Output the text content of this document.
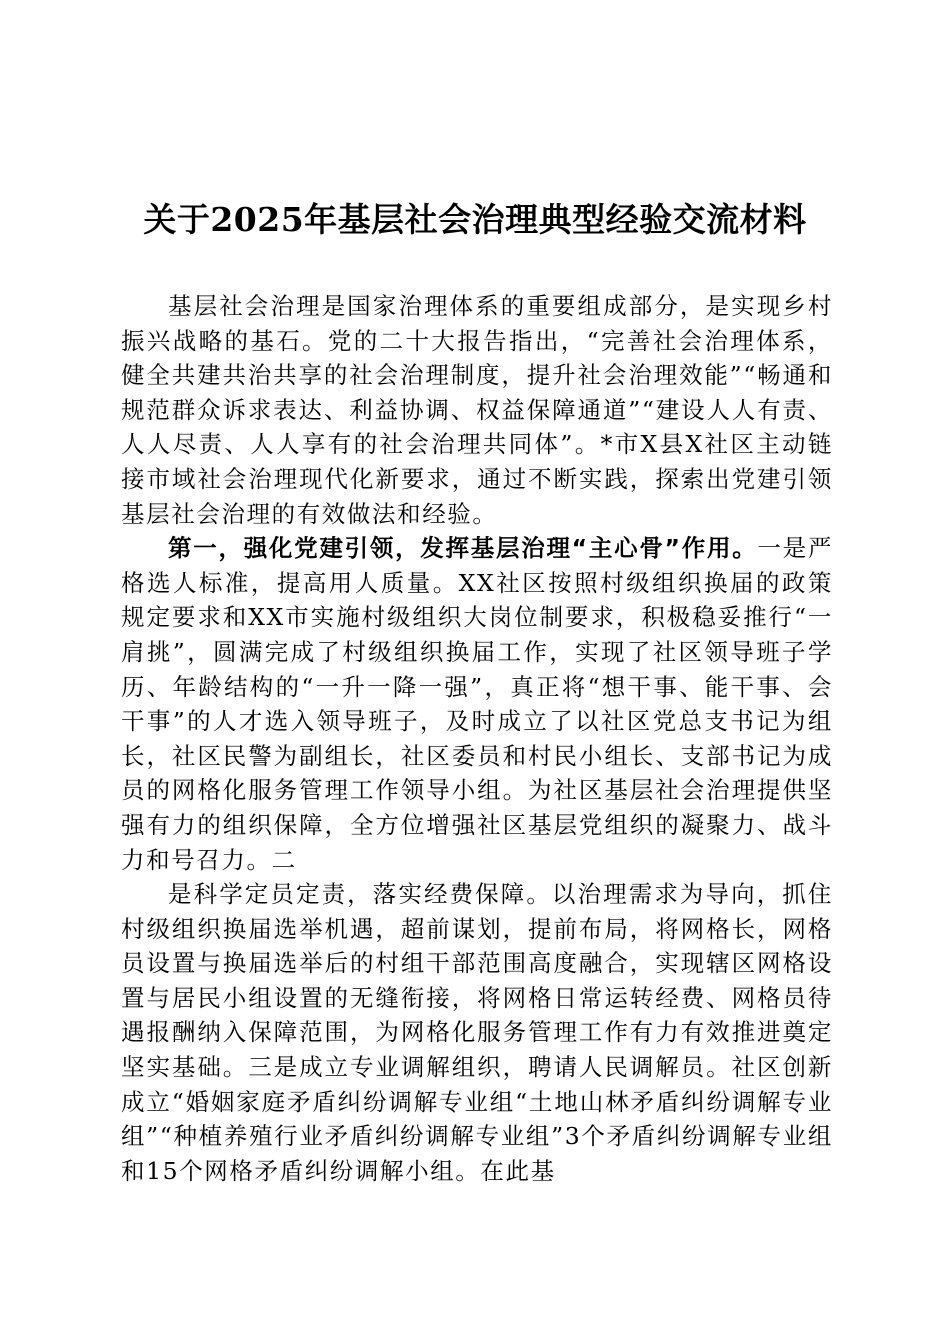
关于2025年基层社会治理典型经验交流材料

基层社会治理是国家治理体系的重要组成部分，是实现乡村振兴战略的基石。党的二十大报告指出，“完善社会治理体系，健全共建共治共享的社会治理制度，提升社会治理效能”“畅通和规范群众诉求表达、利益协调、权益保障通道”“建设人人有责、人人尽责、人人享有的社会治理共同体”。*市X县X社区主动链接市域社会治理现代化新要求，通过不断实践，探索出党建引领基层社会治理的有效做法和经验。

第一，强化党建引领，发挥基层治理“主心骨”作用。一是严格选人标准，提高用人质量。XX社区按照村级组织换届的政策规定要求和XX市实施村级组织大岗位制要求，积极稳妥推行“一肩挑”，圆满完成了村级组织换届工作，实现了社区领导班子学历、年龄结构的“一升一降一强”，真正将“想干事、能干事、会干事”的人才选入领导班子，及时成立了以社区党总支书记为组长，社区民警为副组长，社区委员和村民小组长、支部书记为成员的网格化服务管理工作领导小组。为社区基层社会治理提供坚强有力的组织保障，全方位增强社区基层党组织的凝聚力、战斗力和号召力。二

是科学定员定责，落实经费保障。以治理需求为导向，抓住村级组织换届选举机遇，超前谋划，提前布局，将网格长，网格员设置与换届选举后的村组干部范围高度融合，实现辖区网格设置与居民小组设置的无缝衔接，将网格日常运转经费、网格员待遇报酬纳入保障范围，为网格化服务管理工作有力有效推进奠定坚实基础。三是成立专业调解组织，聘请人民调解员。社区创新成立“婚姻家庭矛盾纠纷调解专业组“土地山林矛盾纠纷调解专业组”“种植养殖行业矛盾纠纷调解专业组”3个矛盾纠纷调解专业组和15个网格矛盾纠纷调解小组。在此基
